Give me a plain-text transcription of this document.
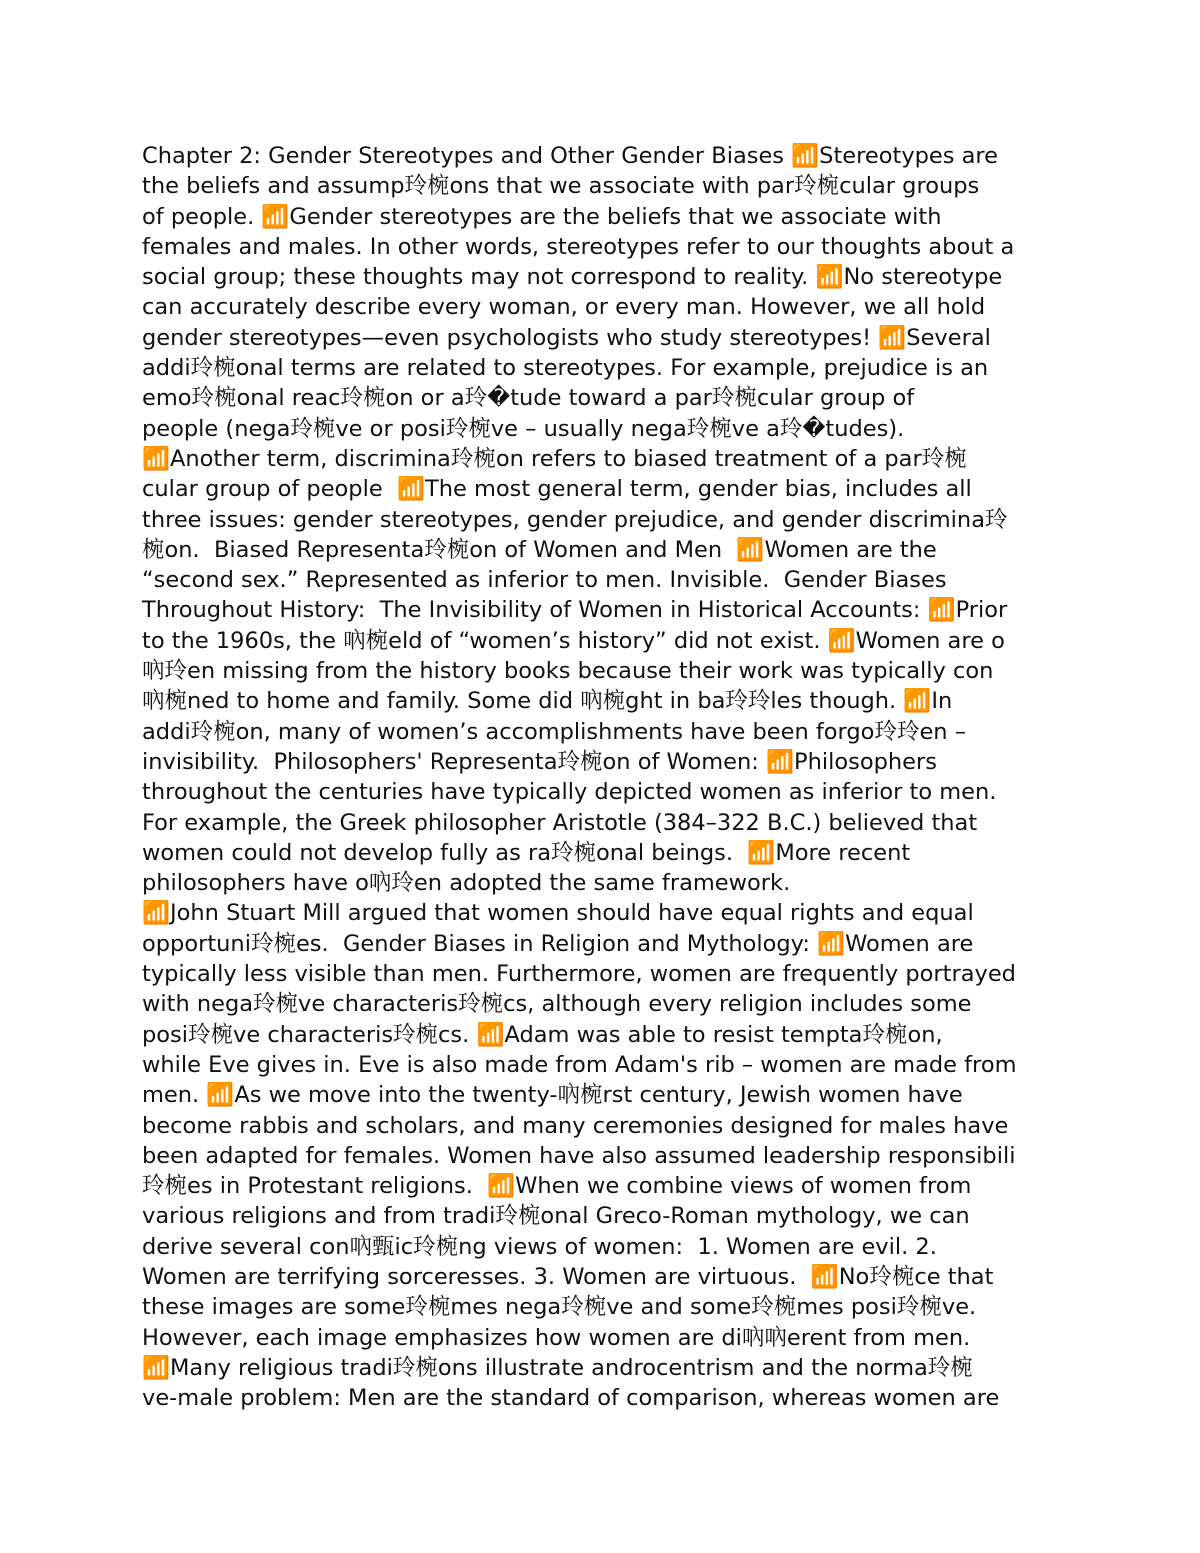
Chapter 2: Gender Stereotypes and Other Gender Biases 📶Stereotypes are
the beliefs and assump玲椀ons that we associate with par玲椀cular groups
of people. 📶Gender stereotypes are the beliefs that we associate with
females and males. In other words, stereotypes refer to our thoughts about a
social group; these thoughts may not correspond to reality. 📶No stereotype
can accurately describe every woman, or every man. However, we all hold
gender stereotypes—even psychologists who study stereotypes! 📶Several
addi玲椀onal terms are related to stereotypes. For example, prejudice is an
emo玲椀onal reac玲椀on or a玲�tude toward a par玲椀cular group of
people (nega玲椀ve or posi玲椀ve – usually nega玲椀ve a玲�tudes).
📶Another term, discrimina玲椀on refers to biased treatment of a par玲椀
cular group of people  📶The most general term, gender bias, includes all
three issues: gender stereotypes, gender prejudice, and gender discrimina玲
椀on.  Biased Representa玲椀on of Women and Men  📶Women are the
“second sex.” Represented as inferior to men. Invisible.  Gender Biases
Throughout History:  The Invisibility of Women in Historical Accounts: 📶Prior
to the 1960s, the 吶椀eld of “women’s history” did not exist. 📶Women are o
吶玲en missing from the history books because their work was typically con
吶椀ned to home and family. Some did 吶椀ght in ba玲玲les though. 📶In
addi玲椀on, many of women’s accomplishments have been forgo玲玲en –
invisibility.  Philosophers' Representa玲椀on of Women: 📶Philosophers
throughout the centuries have typically depicted women as inferior to men.
For example, the Greek philosopher Aristotle (384–322 B.C.) believed that
women could not develop fully as ra玲椀onal beings.  📶More recent
philosophers have o吶玲en adopted the same framework.
📶John Stuart Mill argued that women should have equal rights and equal
opportuni玲椀es.  Gender Biases in Religion and Mythology: 📶Women are
typically less visible than men. Furthermore, women are frequently portrayed
with nega玲椀ve characteris玲椀cs, although every religion includes some
posi玲椀ve characteris玲椀cs. 📶Adam was able to resist tempta玲椀on,
while Eve gives in. Eve is also made from Adam's rib – women are made from
men. 📶As we move into the twenty-吶椀rst century, Jewish women have
become rabbis and scholars, and many ceremonies designed for males have
been adapted for females. Women have also assumed leadership responsibili
玲椀es in Protestant religions.  📶When we combine views of women from
various religions and from tradi玲椀onal Greco-Roman mythology, we can
derive several con吶甄ic玲椀ng views of women:  1. Women are evil. 2.
Women are terrifying sorceresses. 3. Women are virtuous.  📶No玲椀ce that
these images are some玲椀mes nega玲椀ve and some玲椀mes posi玲椀ve.
However, each image emphasizes how women are di吶吶erent from men.
📶Many religious tradi玲椀ons illustrate androcentrism and the norma玲椀
ve-male problem: Men are the standard of comparison, whereas women are
